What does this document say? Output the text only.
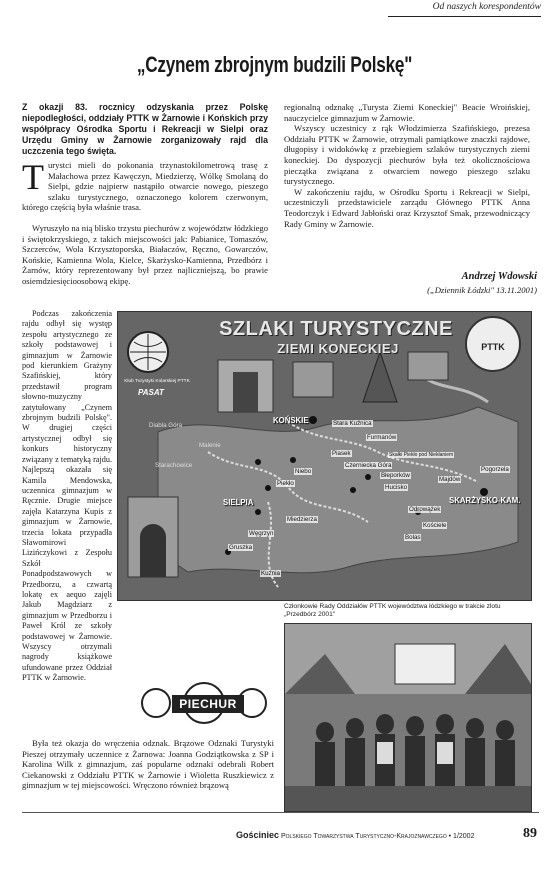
Od naszych korespondentów
„Czynem zbrojnym budzili Polskę"
Z okazji 83. rocznicy odzyskania przez Polskę niepodległości, oddziały PTTK w Żarnowie i Końskich przy współpracy Ośrodka Sportu i Rekreacji w Sielpi oraz Urzędu Gminy w Żarnowie zorganizowały rajd dla uczczenia tego święta.
T urystci mieli do pokonania trzynastokilometrową trasę z Małachowa przez Kawęczyn, Miedzierzę, Wólkę Smolaną do Sielpi, gdzie najpierw nastąpiło otwarcie nowego, pieszego szlaku turystycznego, oznaczonego kolorem czerwonym, którego częścią była właśnie trasa.

Wyruszyło na nią blisko trzystu piechurów z województw łódzkiego i świętokrzyskiego, z takich miejscowości jak: Pabianice, Tomaszów, Szczerców, Wola Krzysztoporska, Białaczów, Ręczno, Gowarczów, Końskie, Kamienna Wola, Kielce, Skarżysko-Kamienna, Przedbórz i Żarnów, który reprezentowany był przez najliczniejszą, bo prawie osiemdziesięcioosobową ekipę.

Podczas zakończenia rajdu odbył się występ zespołu artystycznego ze szkoły podstawowej i gimnazjum w Żarnowie pod kierunkiem Grażyny Szafińskiej, który przedstawił program słowno-muzyczny zatytułowany „Czynem zbrojnym budzili Polskę". W drugiej części artystycznej odbył się konkurs historyczny związany z tematyką rajdu. Najlepszą okazała się Kamila Mendowska, uczennica gimnazjum w Ręcznie. Drugie miejsce zajęła Katarzyna Kupis z gimnazjum w Żarnowie, trzecia lokata przypadła Sławomirowi Lizińczykowi z Zespołu Szkół Ponadpodstawowych w Przedborzu, a czwartą lokatę ex aequo zajęli Jakub Magdziarz z gimnazjum w Przedborzu i Paweł Król ze szkoły podstawowej w Żarnowie. Wszyscy otrzymali nagrody książkowe ufundowane przez Oddział PTTK w Żarnowie.

Była też okazja do wręczenia odznak. Brązowe Odznaki Turystyki Pieszej otrzymały uczennice z Żarnowa: Joanna Godziątkowska z SP i Karolina Wilk z gimnazjum, zaś popularne odznaki odebrali Robert Ciekanowski z Oddziału PTTK w Żarnowie i Wioletta Ruszkiewicz z gimnazjum w tej miejscowości. Wręczono również brązową

regionalną odznakę „Turysta Ziemi Koneckiej" Beacie Wroińskiej, nauczycielce gimnazjum w Żarnowie.

Wszyscy uczestnicy z rąk Włodzimierza Szafińskiego, prezesa Oddziału PTTK w Żarnowie, otrzymali pamiątkowe znaczki rajdowe, długopisy i widokówkę z przebiegiem szlaków turystycznych ziemi koneckiej. Do dyspozycji piechurów była też okolicznościowa pieczątka związana z otwarciem nowego pieszego szlaku turystycznego.

W zakończeniu rajdu, w Ośrodku Sportu i Rekreacji w Sielpi, uczestniczyli przedstawiciele zarządu Głównego PTTK Anna Teodorczyk i Edward Jabłoński oraz Krzysztof Smak, przewodniczący Rady Gminy w Żarnowie.

Andrzej Wdowski
(„Dziennik Łódzki" 13.11.2001)
SZLAKI TURYSTYCZNE
ZIEMI KONECKIEJ
Klub Turystyki Kolarskiej PTTK
PASAT
PTTK
KOŃSKIE	Stara Kuźnica
Furmanów
Piasek
Czerniecka Góra
Niebo
Piekło
Starachowice
Malenie
Diabla Góra
SIELPIA
Miedzierza
Gruszka
Węgrzyn
Kuźnia
Błeporków
Hucisko
Odrowążek
Kościele
Bolas
Majdów
Pogorzela
SKARŻYSKO-KAM.
Skałki Piekło pod Niekłaniem
PIECHUR
Członkowie Rady Oddziałów PTTK województwa łódzkiego w trakcie zlotu „Przedbórz 2001"
Gościniec Polskiego Towarzystwa Turystyczno-Krajoznawczego • 1/2002	89
